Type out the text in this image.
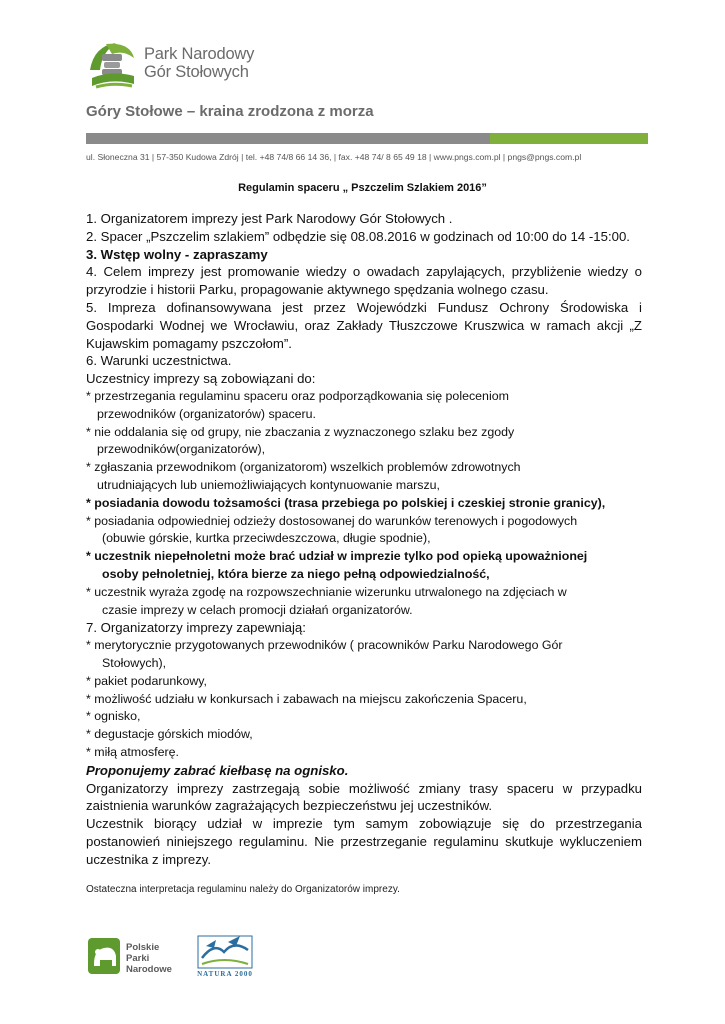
Park Narodowy
Gór Stołowych
Góry Stołowe – kraina zrodzona z morza
ul. Słoneczna 31 | 57-350 Kudowa Zdrój | tel. +48 74/8 66 14 36, | fax. +48 74/ 8 65 49 18 | www.pngs.com.pl | pngs@pngs.com.pl
Regulamin spaceru „ Pszczelim Szlakiem 2016”

1. Organizatorem imprezy jest Park Narodowy Gór Stołowych .

2. Spacer „Pszczelim szlakiem” odbędzie się 08.08.2016 w godzinach od 10:00 do 14 -15:00.

3. Wstęp wolny - zapraszamy

4. Celem imprezy jest promowanie wiedzy o owadach zapylających, przybliżenie wiedzy o przyrodzie i historii Parku, propagowanie aktywnego spędzania wolnego czasu.

5. Impreza dofinansowywana jest przez Wojewódzki Fundusz Ochrony Środowiska i Gospodarki Wodnej we Wrocławiu, oraz Zakłady Tłuszczowe Kruszwica w ramach akcji „Z Kujawskim pomagamy pszczołom”.

6. Warunki uczestnictwa.

Uczestnicy imprezy są zobowiązani do:

* przestrzegania regulaminu spaceru oraz podporządkowania się poleceniom

przewodników (organizatorów) spaceru.

* nie oddalania się od grupy, nie zbaczania z wyznaczonego szlaku bez zgody

przewodników(organizatorów),

* zgłaszania przewodnikom (organizatorom) wszelkich problemów zdrowotnych

utrudniających lub uniemożliwiających kontynuowanie marszu,

* posiadania dowodu tożsamości (trasa przebiega po polskiej i czeskiej stronie granicy),

* posiadania odpowiedniej odzieży dostosowanej do warunków terenowych i pogodowych

(obuwie górskie, kurtka przeciwdeszczowa, długie spodnie),

* uczestnik niepełnoletni może brać udział w imprezie tylko pod opieką upoważnionej

osoby pełnoletniej, która bierze za niego pełną odpowiedzialność,

* uczestnik wyraża zgodę na rozpowszechnianie wizerunku utrwalonego na zdjęciach w

czasie imprezy w celach promocji działań organizatorów.

7. Organizatorzy imprezy zapewniają:

* merytorycznie przygotowanych przewodników ( pracowników Parku Narodowego Gór

Stołowych),

* pakiet podarunkowy,

* możliwość udziału w konkursach i zabawach na miejscu zakończenia Spaceru,

* ognisko,

* degustacje górskich miodów,

* miłą atmosferę.

Proponujemy zabrać kiełbasę na ognisko.

Organizatorzy imprezy zastrzegają sobie możliwość zmiany trasy spaceru w przypadku zaistnienia warunków zagrażających bezpieczeństwu jej uczestników.

Uczestnik biorący udział w imprezie tym samym zobowiązuje się do przestrzegania postanowień niniejszego regulaminu. Nie przestrzeganie regulaminu skutkuje wykluczeniem uczestnika z imprezy.

Ostateczna interpretacja regulaminu należy do Organizatorów imprezy.
Polskie
Parki
Narodowe	NATURA 2000
